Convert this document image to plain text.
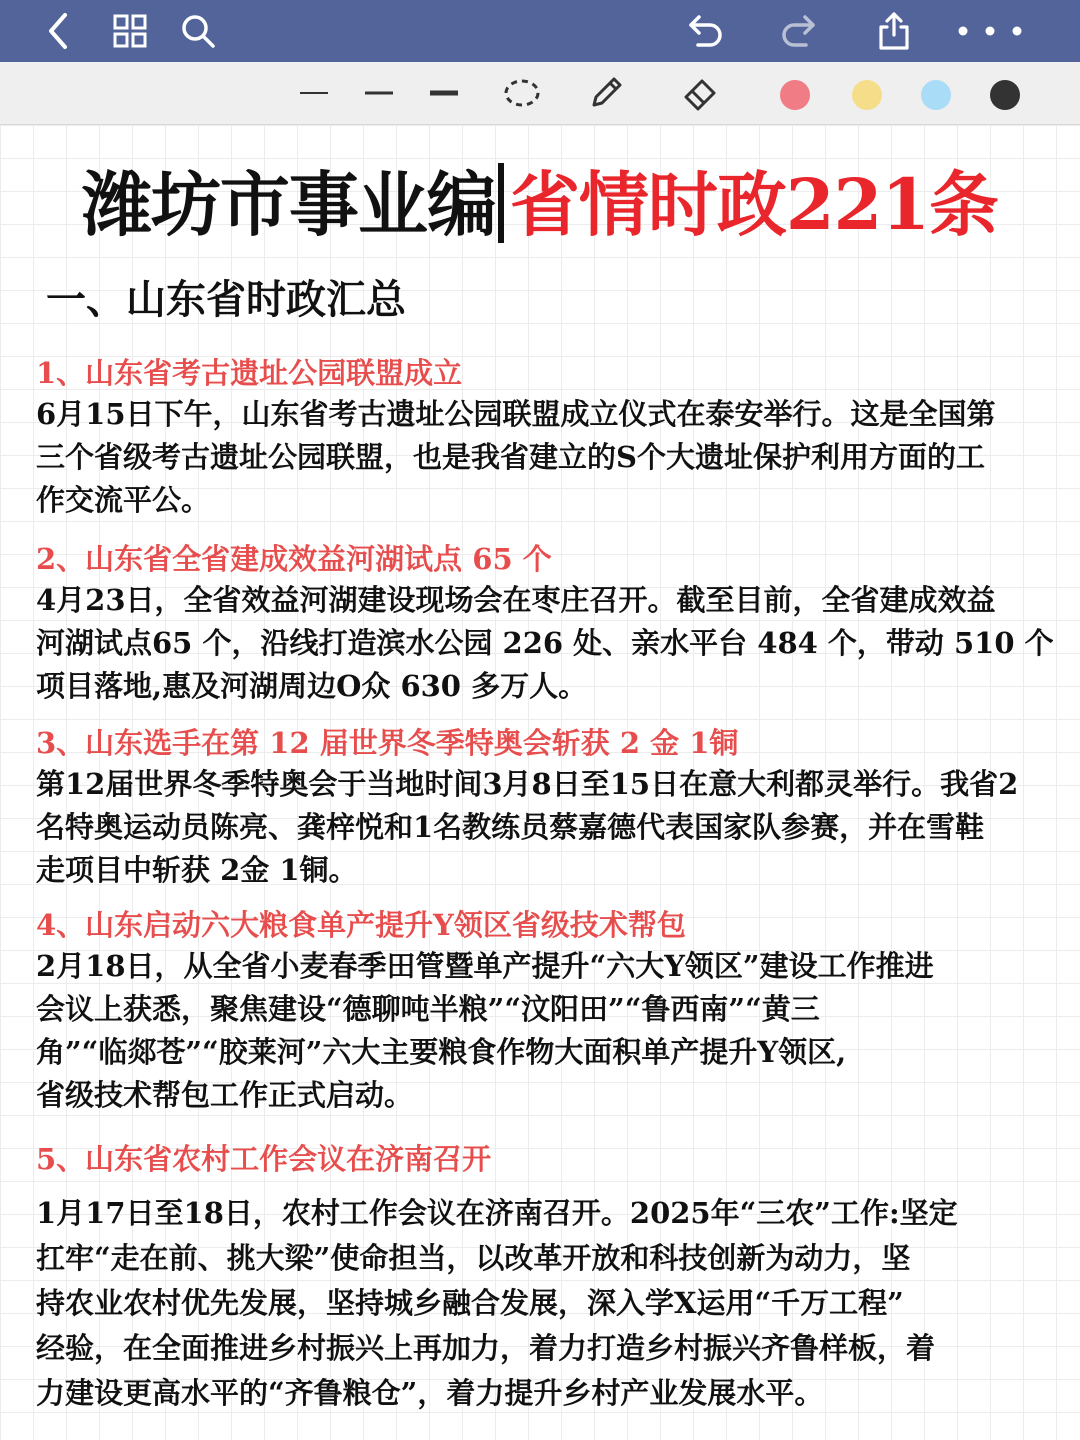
潍坊市事业编 省情时政221条
一、山东省时政汇总
1、山东省考古遗址公园联盟成立
6月15日下午，山东省考古遗址公园联盟成立仪式在泰安举行。这是全国第
三个省级考古遗址公园联盟，也是我省建立的S个大遗址保护利用方面的工
作交流平公。
2、山东省全省建成效益河湖试点 65 个
4月23日，全省效益河湖建设现场会在枣庄召开。截至目前，全省建成效益
河湖试点65 个，沿线打造滨水公园 226 处、亲水平台 484 个，带动 510 个
项目落地,惠及河湖周边O众 630 多万人。
3、山东选手在第 12 届世界冬季特奥会斩获 2 金 1铜
第12届世界冬季特奥会于当地时间3月8日至15日在意大利都灵举行。我省2
名特奥运动员陈亮、龚梓悦和1名教练员蔡嘉德代表国家队参赛，并在雪鞋
走项目中斩获 2金 1铜。
4、山东启动六大粮食单产提升Y领区省级技术帮包
2月18日，从全省小麦春季田管暨单产提升“六大Y领区”建设工作推进
会议上获悉，聚焦建设“德聊吨半粮”“汶阳田”“鲁西南”“黄三
角”“临郯苍”“胶莱河”六大主要粮食作物大面积单产提升Y领区,
省级技术帮包工作正式启动。
5、山东省农村工作会议在济南召开
1月17日至18日，农村工作会议在济南召开。2025年“三农”工作:坚定
扛牢“走在前、挑大梁”使命担当，以改革开放和科技创新为动力，坚
持农业农村优先发展，坚持城乡融合发展，深入学X运用“千万工程”
经验，在全面推进乡村振兴上再加力，着力打造乡村振兴齐鲁样板，着
力建设更高水平的“齐鲁粮仓”，着力提升乡村产业发展水平。
